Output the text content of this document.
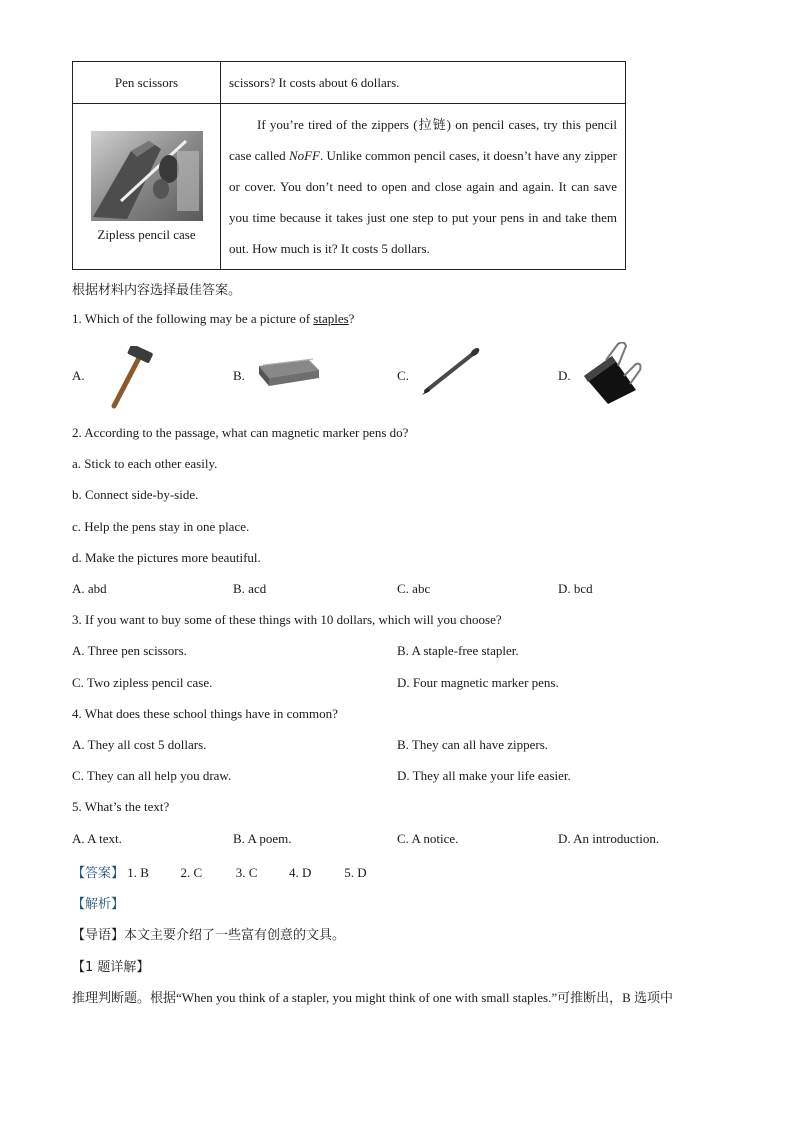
Pen scissors	scissors? It costs about 6 dollars.

Zipless pencil case	If you’re tired of the zippers (拉链) on pencil cases, try this pencil case called NoFF. Unlike common pencil cases, it doesn’t have any zipper or cover. You don’t need to open and close again and again. It can save you time because it takes just one step to put your pens in and take them out. How much is it? It costs 5 dollars.

根据材料内容选择最佳答案。
1. Which of the following may be a picture of staples?
A.	B.	C.	D.
2. According to the passage, what can magnetic marker pens do?
a. Stick to each other easily.
b. Connect side-by-side.
c. Help the pens stay in one place.
d. Make the pictures more beautiful.
A. abd	B. acd	C. abc	D. bcd
3. If you want to buy some of these things with 10 dollars, which will you choose?
A. Three pen scissors.	B. A staple-free stapler.
C. Two zipless pencil case.	D. Four magnetic marker pens.
4. What does these school things have in common?
A. They all cost 5 dollars.	B. They can all have zippers.
C. They can all help you draw.	D. They all make your life easier.
5. What’s the text?
A. A text.	B. A poem.	C. A notice.	D. An introduction.
【答案】 1. B 2. C	3. C 4. D	5. D
【解析】
【导语】本文主要介绍了一些富有创意的文具。
【1 题详解】
推理判断题。根据“When you think of a stapler, you might think of one with small staples.”可推断出，B 选项中
